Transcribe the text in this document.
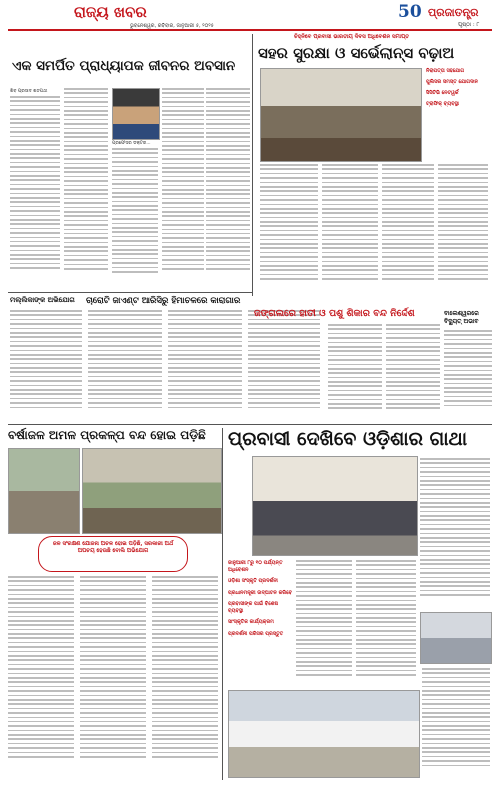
ରାଜ୍ୟ ଖବର
ଭୁବନେଶ୍ୱର, ରବିବାର, ଜାନୁଆରୀ ୫, ୨୦୨୫
50 ପ୍ରଜାତନ୍ତ୍ର
ପୃଷ୍ଠା : ୮
ଏକ ସମର୍ପିତ ପ୍ରାଧ୍ୟାପକ ଜୀବନର ଅବସାନ
ଶିବ ପ୍ରସାଦ ଶତପଥୀ
ପ୍ରଫେସର ଡକ୍ଟର...
ଚିହ୍ନିବେ ପ୍ରବାସୀ ଭାରତୀୟ ଦିବସ ଅଧିବେଶନ ସମାପ୍ତ
ସହର ସୁରକ୍ଷା ଓ ସର୍ଭେଲାନ୍ସ ବଢ଼ାଅ
ନିରାପତ୍ତା ସହଯୋଗ
ପୁଲିସର ସମସ୍ତ ଯୋଗଦାନ
ସିସିଟିଭି ନେଟୱର୍କ
ଟ୍ରାଫିକ୍ ବ୍ୟବସ୍ଥା
ମଲ୍ଲିକାଙ୍କ ଅଭିଯୋଗ ଚାରୋଟି ଜାଏଣ୍ଟ ଆରିସିରୁ ହିମାଚଳରେ କାରାଗାର
ଜଙ୍ଗଲରେ ହାତୀ ଓ ପଶୁ ଶିକାର ବନ୍ଦ ନିର୍ଦ୍ଦେଶ	ବାଲେଶ୍ୱରରେ ବିଦ୍ୟୁତ୍ ଅଭାବ
ବର୍ଷାଜଳ ଅମଳ ପ୍ରକଳ୍ପ ବନ୍ଦ ହୋଇ ପଡ଼ିଛି
ଜଳ ସଂରକ୍ଷଣ ଯୋଜନା ଅଚଳ ହୋଇ ପଡ଼ିଛି, ସରକାରୀ ଅର୍ଥ ଅପଚୟ ହେଉଛି ବୋଲି ଅଭିଯୋଗ
ପ୍ରବାସୀ ଦେଖିବେ ଓଡ଼ିଶାର ଗାଥା
ଜାନୁଆରୀ ୮ରୁ ୧୦ ପର୍ଯ୍ୟନ୍ତ ଅଧିବେଶନ
ଓଡ଼ିଶା ସଂସ୍କୃତି ପ୍ରଦର୍ଶନୀ
ପ୍ରଧାନମନ୍ତ୍ରୀ ଉଦ୍‌ଘାଟନ କରିବେ
ପ୍ରବାସୀଙ୍କ ପାଇଁ ବିଶେଷ ବ୍ୟବସ୍ଥା
ସାଂସ୍କୃତିକ କାର୍ଯ୍ୟକ୍ରମ
ପ୍ରଦର୍ଶନୀ ପରିସର ପ୍ରସ୍ତୁତ
